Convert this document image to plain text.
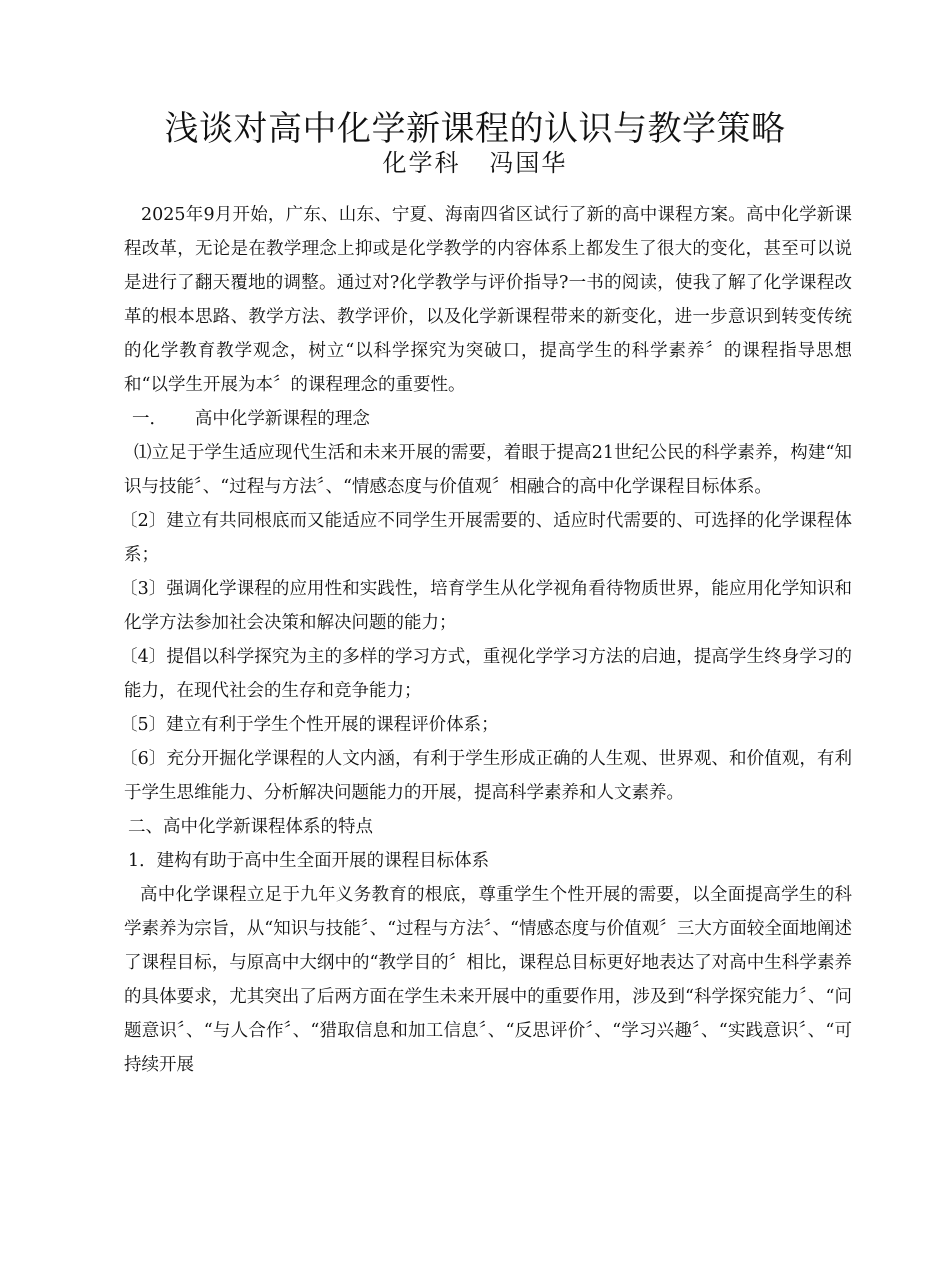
浅谈对高中化学新课程的认识与教学策略
化学科   冯国华

2025年9月开始，广东、山东、宁夏、海南四省区试行了新的高中课程方案。高中化学新课程改革，无论是在教学理念上抑或是化学教学的内容体系上都发生了很大的变化，甚至可以说是进行了翻天覆地的调整。通过对?化学教学与评价指导?一书的阅读，使我了解了化学课程改革的根本思路、教学方法、教学评价，以及化学新课程带来的新变化，进一步意识到转变传统的化学教育教学观念，树立“以科学探究为突破口，提高学生的科学素养〞的课程指导思想和“以学生开展为本〞的课程理念的重要性。

一．     高中化学新课程的理念

⑴立足于学生适应现代生活和未来开展的需要，着眼于提高21世纪公民的科学素养，构建“知识与技能〞、“过程与方法〞、“情感态度与价值观〞相融合的高中化学课程目标体系。

〔2〕建立有共同根底而又能适应不同学生开展需要的、适应时代需要的、可选择的化学课程体系；

〔3〕强调化学课程的应用性和实践性，培育学生从化学视角看待物质世界，能应用化学知识和化学方法参加社会决策和解决问题的能力；

〔4〕提倡以科学探究为主的多样的学习方式，重视化学学习方法的启迪，提高学生终身学习的能力，在现代社会的生存和竞争能力；

〔5〕建立有利于学生个性开展的课程评价体系；

〔6〕充分开掘化学课程的人文内涵，有利于学生形成正确的人生观、世界观、和价值观，有利于学生思维能力、分析解决问题能力的开展，提高科学素养和人文素养。

二、高中化学新课程体系的特点

1．建构有助于高中生全面开展的课程目标体系

高中化学课程立足于九年义务教育的根底，尊重学生个性开展的需要，以全面提高学生的科学素养为宗旨，从“知识与技能〞、“过程与方法〞、“情感态度与价值观〞三大方面较全面地阐述了课程目标，与原高中大纲中的“教学目的〞相比，课程总目标更好地表达了对高中生科学素养的具体要求，尤其突出了后两方面在学生未来开展中的重要作用，涉及到“科学探究能力〞、“问题意识〞、“与人合作〞、“猎取信息和加工信息〞、“反思评价〞、“学习兴趣〞、“实践意识〞、“可持续开展
